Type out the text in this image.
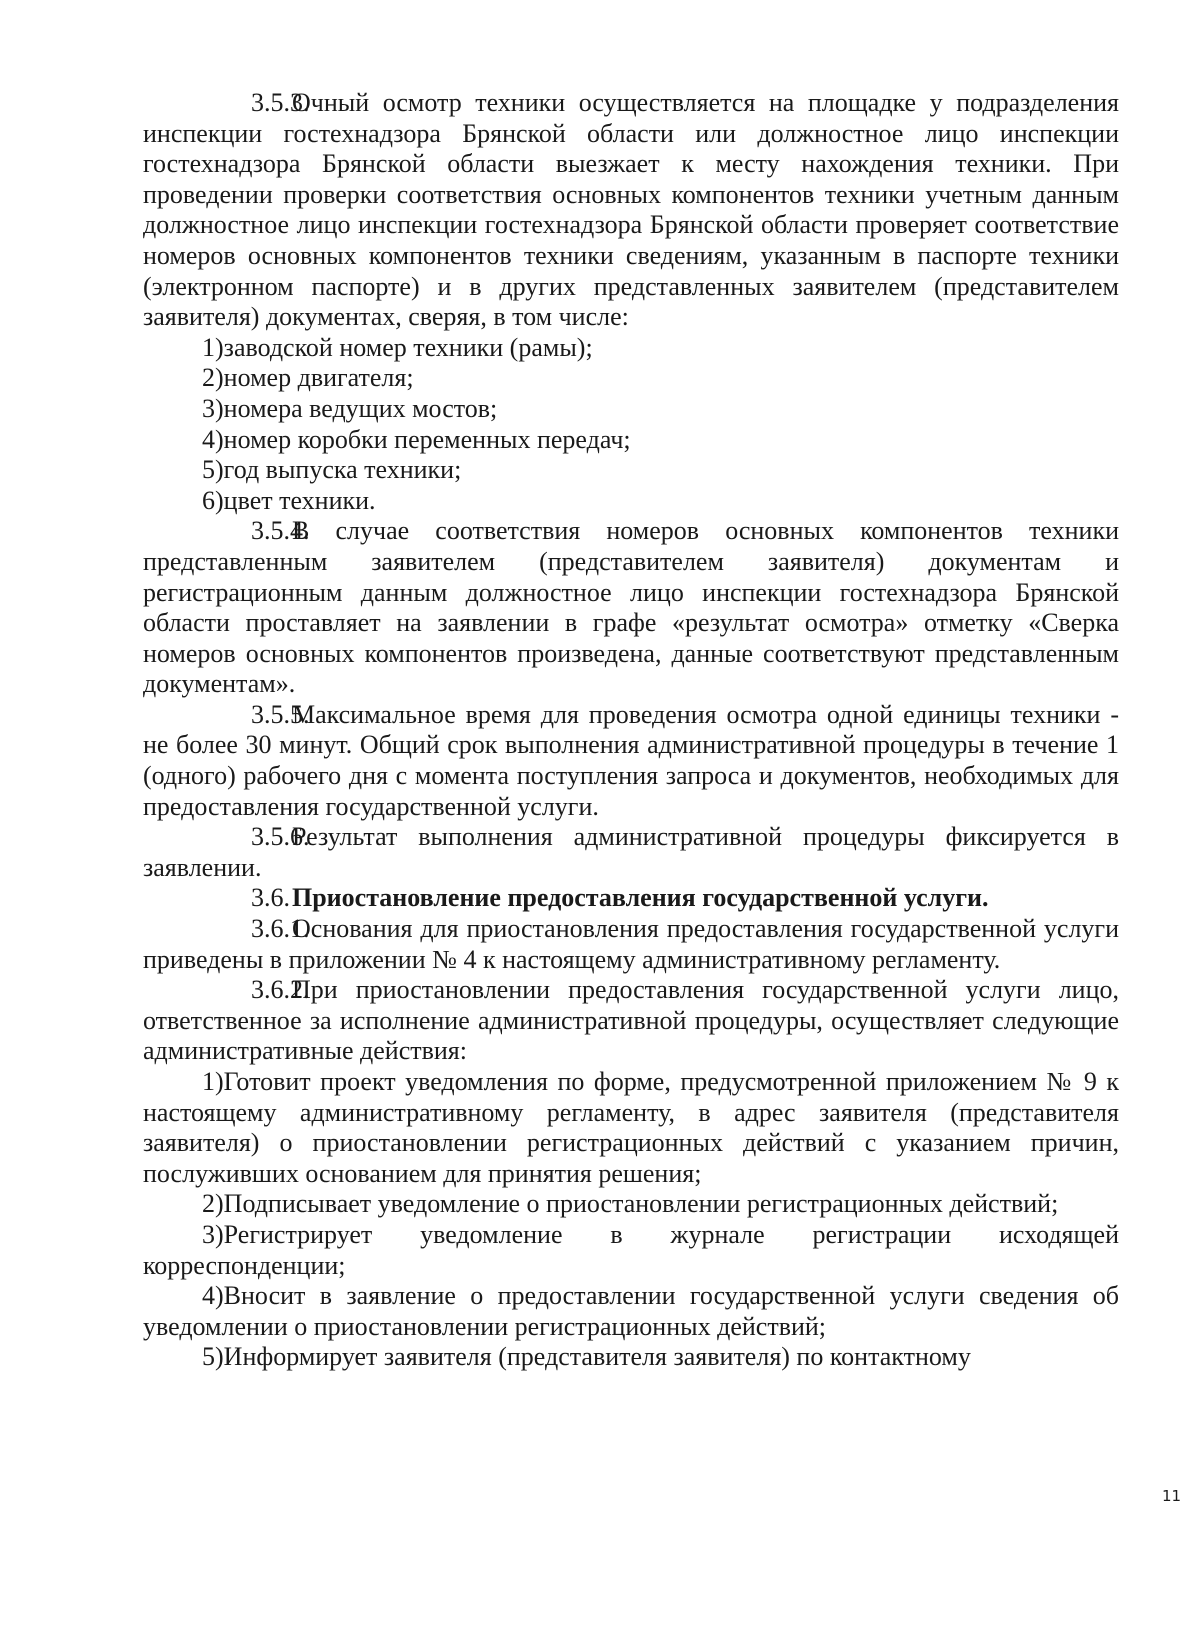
3.5.3.Очный осмотр техники осуществляется на площадке у подразделения инспекции гостехнадзора Брянской области или должностное лицо инспекции гостехнадзора Брянской области выезжает к месту нахождения техники. При проведении проверки соответствия основных компонентов техники учетным данным должностное лицо инспекции гостехнадзора Брянской области проверяет соответствие номеров основных компонентов техники сведениям, указанным в паспорте техники (электронном паспорте) и в других представленных заявителем (представителем заявителя) документах, сверяя, в том числе:

1)заводской номер техники (рамы);

2)номер двигателя;

3)номера ведущих мостов;

4)номер коробки переменных передач;

5)год выпуска техники;

6)цвет техники.

3.5.4.В случае соответствия номеров основных компонентов техники представленным заявителем (представителем заявителя) документам и регистрационным данным должностное лицо инспекции гостехнадзора Брянской области проставляет на заявлении в графе «результат осмотра» отметку «Сверка номеров основных компонентов произведена, данные соответствуют представленным документам».

3.5.5.Максимальное время для проведения осмотра одной единицы техники - не более 30 минут. Общий срок выполнения административной процедуры в течение 1 (одного) рабочего дня с момента поступления запроса и документов, необходимых для предоставления государственной услуги.

3.5.6.Результат выполнения административной процедуры фиксируется в заявлении.

3.6.Приостановление предоставления государственной услуги.

3.6.1.Основания для приостановления предоставления государственной услуги приведены в приложении № 4 к настоящему административному регламенту.

3.6.2.При приостановлении предоставления государственной услуги лицо, ответственное за исполнение административной процедуры, осуществляет следующие административные действия:

1)Готовит проект уведомления по форме, предусмотренной приложением № 9 к настоящему административному регламенту, в адрес заявителя (представителя заявителя) о приостановлении регистрационных действий с указанием причин, послуживших основанием для принятия решения;

2)Подписывает уведомление о приостановлении регистрационных действий;

3)Регистрирует уведомление в журнале регистрации исходящей корреспонденции;

4)Вносит в заявление о предоставлении государственной услуги сведения об уведомлении о приостановлении регистрационных действий;

5)Информирует заявителя (представителя заявителя) по контактному

11
